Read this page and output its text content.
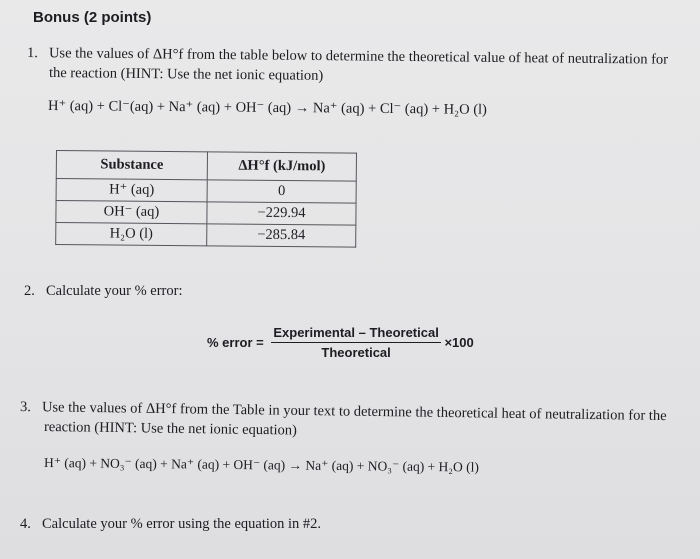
Bonus (2 points)
1. Use the values of ΔH°f from the table below to determine the theoretical value of heat of neutralization for
the reaction (HINT: Use the net ionic equation)
H⁺ (aq) + Cl⁻(aq) + Na⁺ (aq) + OH⁻ (aq) → Na⁺ (aq) + Cl⁻ (aq) + H₂O (l)
Substance	ΔH°f (kJ/mol)
H⁺ (aq)	0
OH⁻ (aq)	−229.94
H₂O (l)	−285.84
2. Calculate your % error:
% error = $\frac{\text{Experimental – Theoretical}}{\text{Theoretical}} \times 100$
3. Use the values of ΔH°f from the Table in your text to determine the theoretical heat of neutralization for the
reaction (HINT: Use the net ionic equation)
H⁺ (aq) + NO₃⁻ (aq) + Na⁺ (aq) + OH⁻ (aq) → Na⁺ (aq) + NO₃⁻ (aq) + H₂O (l)
4. Calculate your % error using the equation in #2.
